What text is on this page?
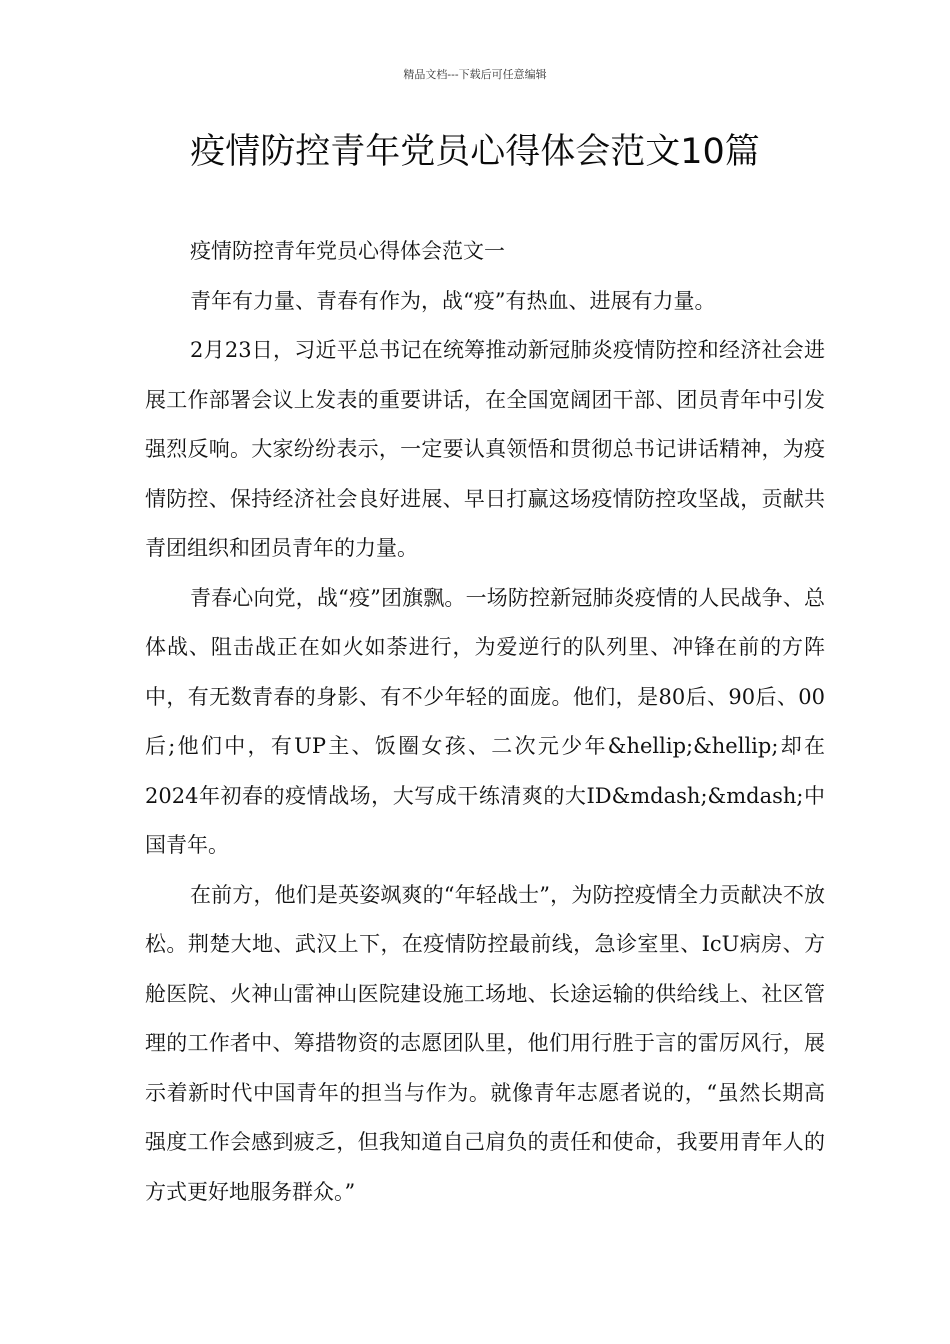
精品文档---下载后可任意编辑
疫情防控青年党员心得体会范文10篇

疫情防控青年党员心得体会范文一

青年有力量、青春有作为，战“疫”有热血、进展有力量。

2月23日，习近平总书记在统筹推动新冠肺炎疫情防控和经济社会进展工作部署会议上发表的重要讲话，在全国宽阔团干部、团员青年中引发强烈反响。大家纷纷表示，一定要认真领悟和贯彻总书记讲话精神，为疫情防控、保持经济社会良好进展、早日打赢这场疫情防控攻坚战，贡献共青团组织和团员青年的力量。

青春心向党，战“疫”团旗飘。一场防控新冠肺炎疫情的人民战争、总体战、阻击战正在如火如荼进行，为爱逆行的队列里、冲锋在前的方阵中，有无数青春的身影、有不少年轻的面庞。他们，是80后、90后、00后;他们中，有UP主、饭圈女孩、二次元少年&hellip;&hellip;却在2024年初春的疫情战场，大写成干练清爽的大ID&mdash;&mdash;中国青年。

在前方，他们是英姿飒爽的“年轻战士”，为防控疫情全力贡献决不放松。荆楚大地、武汉上下，在疫情防控最前线，急诊室里、IcU病房、方舱医院、火神山雷神山医院建设施工场地、长途运输的供给线上、社区管理的工作者中、筹措物资的志愿团队里，他们用行胜于言的雷厉风行，展示着新时代中国青年的担当与作为。就像青年志愿者说的，“虽然长期高强度工作会感到疲乏，但我知道自己肩负的责任和使命，我要用青年人的方式更好地服务群众。”
